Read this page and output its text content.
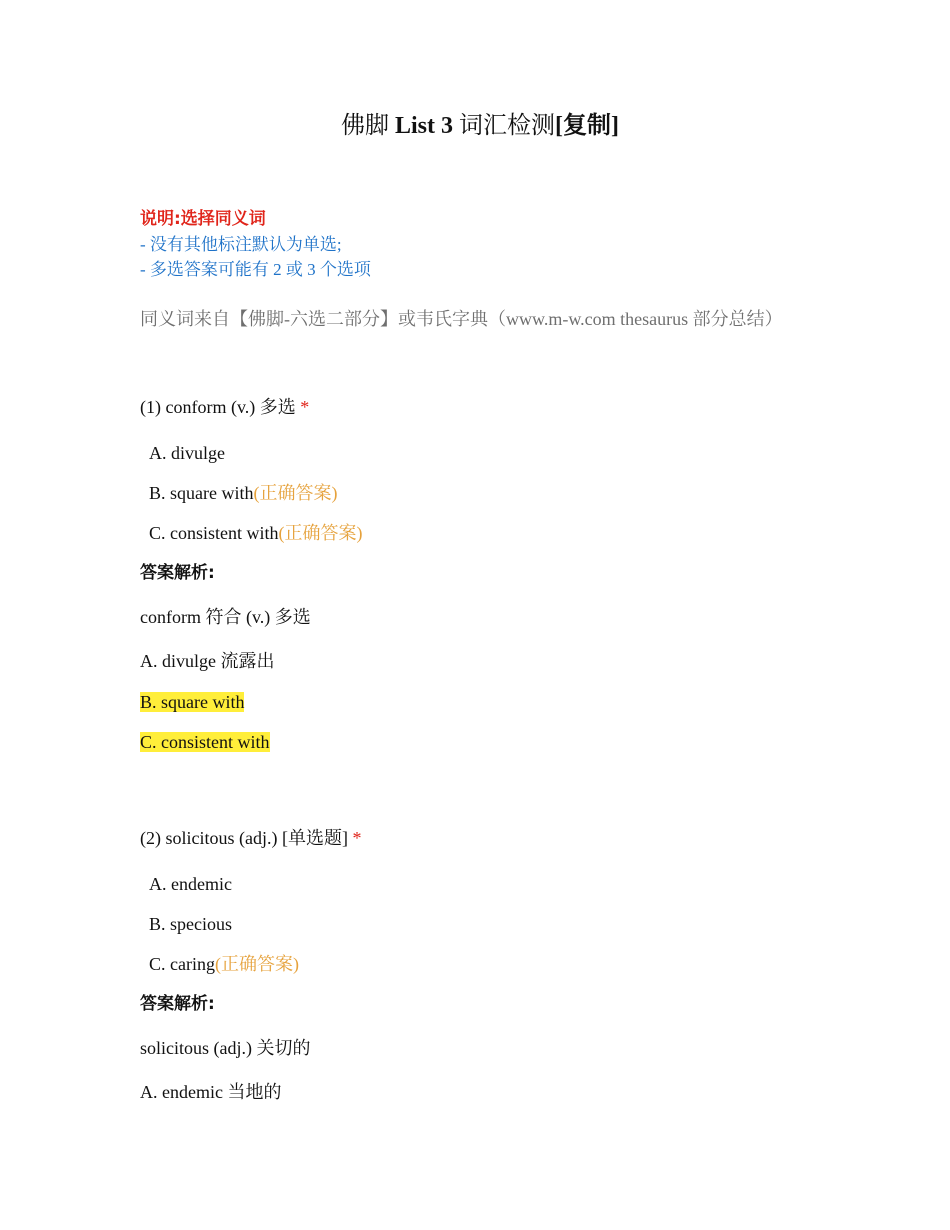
佛脚 List 3 词汇检测[复制]
说明:选择同义词
- 没有其他标注默认为单选;
- 多选答案可能有 2 或 3 个选项
同义词来自【佛脚-六选二部分】或韦氏字典（www.m-w.com thesaurus 部分总结）
(1) conform (v.) 多选 *
A. divulge
B. square with(正确答案)
C. consistent with(正确答案)
答案解析:
conform 符合 (v.) 多选
A. divulge 流露出
B. square with
C. consistent with
(2) solicitous (adj.) [单选题] *
A. endemic
B. specious
C. caring(正确答案)
答案解析:
solicitous (adj.) 关切的
A. endemic 当地的
